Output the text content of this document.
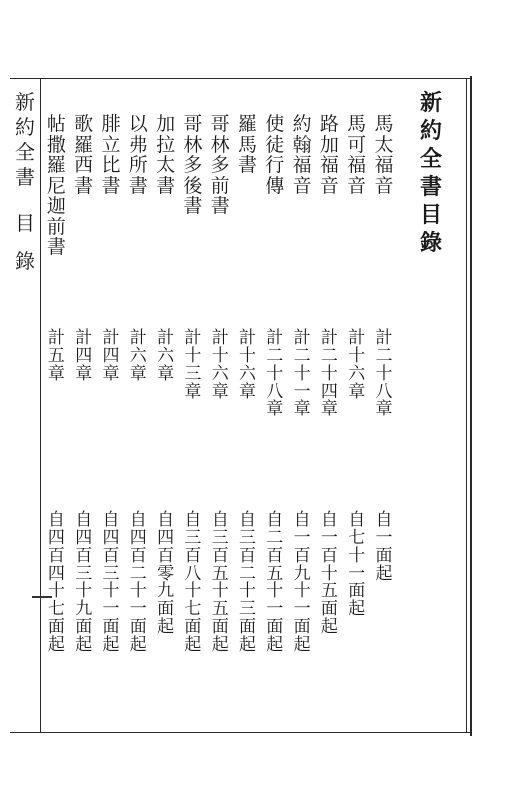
新
約
全
書
目
錄
新
約
全
書
目
錄
馬
太
福
音
計
二
十
八
章
自
一
面
起
馬
可
福
音
計
十
六
章
自
七
十
一
面
起
路
加
福
音
計
二
十
四
章
自
一
百
十
五
面
起
約
翰
福
音
計
二
十
一
章
自
一
百
九
十
一
面
起
使
徒
行
傳
計
二
十
八
章
自
二
百
五
十
一
面
起
羅
馬
書
計
十
六
章
自
三
百
二
十
三
面
起
哥
林
多
前
書
計
十
六
章
自
三
百
五
十
五
面
起
哥
林
多
後
書
計
十
三
章
自
三
百
八
十
七
面
起
加
拉
太
書
計
六
章
自
四
百
零
九
面
起
以
弗
所
書
計
六
章
自
四
百
二
十
一
面
起
腓
立
比
書
計
四
章
自
四
百
三
十
一
面
起
歌
羅
西
書
計
四
章
自
四
百
三
十
九
面
起
帖
撒
羅
尼
迦
前
書
計
五
章
自
四
百
四
十
七
面
起
